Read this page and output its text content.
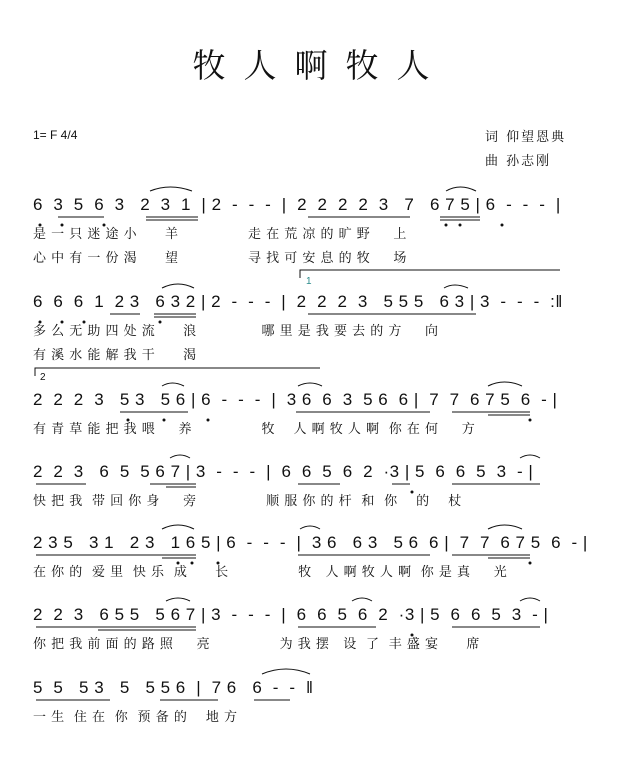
牧人啊牧人
1= F 4/4	词 仰望恩典
曲 孙志刚
6  3  5  6  3   2  3  1  | 2  -  -  -  |  2  2  2  2  3   7   6 7 5 | 6  -  -  -  |
是 一 只 迷 途 小      羊               走 在 荒 凉 的 旷 野     上
心 中 有 一 份 渴      望               寻 找 可 安 息 的 牧     场
1
6  6  6  1  2 3   6 3 2 | 2  -  -  -  |  2  2  2  3   5 5 5   6 3 | 3  -  -  -  :‖
多 么 无 助 四 处 流      浪              哪 里 是 我 要 去 的 方     向
有 溪 水 能 解 我 干      渴
2
2  2  2  3   5 3   5 6 | 6  -  -  -  |  3 6  6  3  5 6  6 |  7  7  6 7 5  6  - |
有 青 草 能 把 我 喂     养               牧    人 啊 牧 人 啊  你 在 何     方
2  2  3   6  5  5 6 7 | 3  -  -  -  |  6  6  5  6  2  ·3 | 5  6  6  5  3  - |
快 把 我  带 回 你 身     旁               顺 服 你 的 杆  和  你    的    杖
2 3 5   3 1   2 3   1 6 5 | 6  -  -  -  |  3 6   6 3   5 6  6 |  7  7  6 7 5  6  - |
在 你 的  爱 里  快 乐  成      长               牧   人 啊 牧 人 啊  你 是 真     光
2  2  3   6 5 5   5 6 7 | 3  -  -  -  |  6  6  5  6  2  ·3 | 5  6  6  5  3  - |
你 把 我 前 面 的 路 照     亮               为 我 摆   设  了  丰 盛 宴      席
5  5   5 3   5   5 5 6  |  7 6   6  -  -  ‖
一 生  住 在  你  预 备 的    地 方
